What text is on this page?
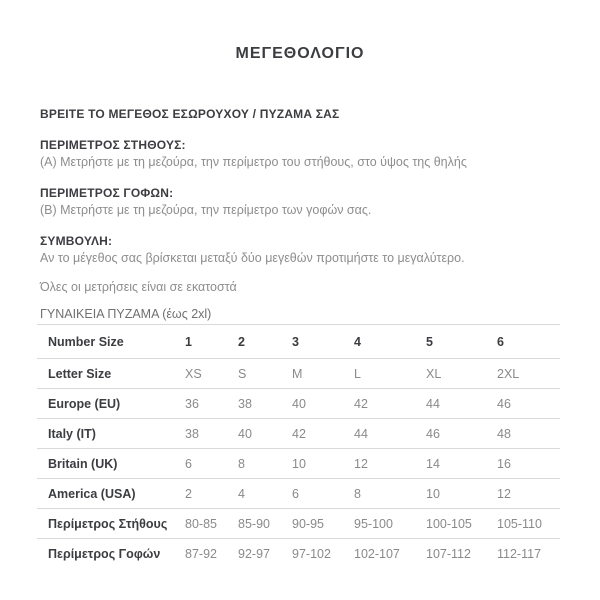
ΜΕΓΕΘΟΛΟΓΙΟ
ΒΡΕΙΤΕ ΤΟ ΜΕΓΕΘΟΣ ΕΣΩΡΟΥΧΟΥ / ΠΥΖΑΜΑ ΣΑΣ
ΠΕΡΙΜΕΤΡΟΣ ΣΤΗΘΟΥΣ:
(A) Μετρήστε με τη μεζούρα, την περίμετρο του στήθους, στο ύψος της θηλής
ΠΕΡΙΜΕΤΡΟΣ ΓΟΦΩΝ:
(B) Μετρήστε με τη μεζούρα, την περίμετρο των γοφών σας.
ΣΥΜΒΟΥΛΗ:
Αν το μέγεθος σας βρίσκεται μεταξύ δύο μεγεθών προτιμήστε το μεγαλύτερο.
Όλες οι μετρήσεις είναι σε εκατοστά
ΓΥΝΑΙΚΕΙΑ ΠΥΖΑΜΑ (έως 2xl)
Number Size	1	2	3	4	5	6
Letter Size	XS	S	M	L	XL	2XL
Europe (EU)	36	38	40	42	44	46
Italy (IT)	38	40	42	44	46	48
Britain (UK)	6	8	10	12	14	16
America (USA)	2	4	6	8	10	12
Περίμετρος Στήθους	80-85	85-90	90-95	95-100	100-105	105-110
Περίμετρος Γοφών	87-92	92-97	97-102	102-107	107-112	112-117
